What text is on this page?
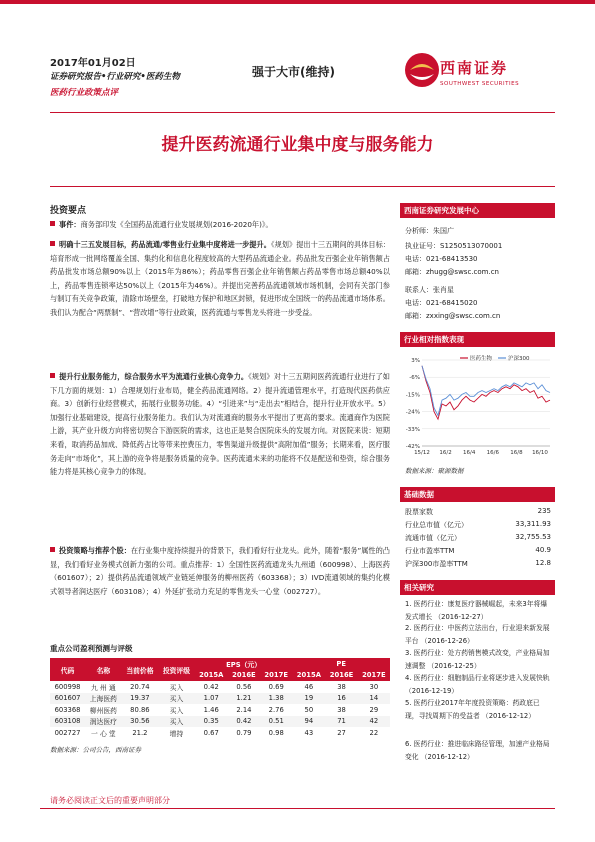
2017年01月02日
证券研究报告•行业研究•医药生物
医药行业政策点评
强于大市(维持)	西南证券
SOUTHWEST SECURITIES
提升医药流通行业集中度与服务能力
投资要点
事件：商务部印发《全国药品流通行业发展规划(2016-2020年)》。
明确十三五发展目标，药品流通/零售业行业集中度将进一步提升。《规划》提出十三五期间的具体目标：培育形成一批网络覆盖全国、集约化和信息化程度较高的大型药品流通企业。药品批发百强企业年销售额占药品批发市场总额90%以上（2015年为86%）；药品零售百强企业年销售额占药品零售市场总额40%以上，药品零售连锁率达50%以上（2015年为46%）。并提出完善药品流通领域市场机制，会同有关部门参与制订有关竞争政策，清除市场壁垒，打破地方保护和地区封锁，促进形成全国统一的药品流通市场体系。我们认为配合“两票制”、“营改增”等行业政策，医药流通与零售龙头将进一步受益。
提升行业服务能力，综合服务水平为流通行业核心竞争力。《规划》对十三五期间医药流通行业进行了如下几方面的规划：1）合理规划行业布局，健全药品流通网络。2）提升流通管理水平，打造现代医药供应商。3）创新行业经营模式，拓展行业服务功能。4）“引进来”与“走出去”相结合，提升行业开放水平。5）加强行业基础建设，提高行业服务能力。我们认为对流通商的服务水平提出了更高的要求。流通商作为医院上游，其产业升级方向将密切契合下游医院的需求，这也正是契合医院床头的发展方向。对医院来说：短期来看，取消药品加成、降低药占比等带来控费压力，零售渠道升级提供“高附加值”服务；长期来看，医疗服务走向“市场化”，其上游的竞争将是服务质量的竞争。医药流通未来的功能将不仅是配送和垫资，综合服务能力将是其核心竞争力的体现。
投资策略与推荐个股：在行业集中度持续提升的背景下，我们看好行业龙头。此外，随着“服务”属性的凸显，我们看好业务模式创新力强的公司。重点推荐：1）全国性医药流通龙头九州通（600998）、上海医药（601607）；2）提供药品流通领域产业链延伸服务的柳州医药（603368）；3）IVD流通领域的集约化模式领导者润达医疗（603108）；4）外延扩张动力充足的零售龙头一心堂（002727）。
重点公司盈利预测与评级
代码	名称	当前价格	投资评级	EPS（元）			PE		
				2015A	2016E	2017E	2015A	2016E	2017E
600998	九 州 通	20.74	买入	0.42	0.56	0.69	46	38	30
601607	上海医药	19.37	买入	1.07	1.21	1.38	19	16	14
603368	柳州医药	80.86	买入	1.46	2.14	2.76	50	38	29
603108	润达医疗	30.56	买入	0.35	0.42	0.51	94	71	42
002727	一 心 堂	21.2	增持	0.67	0.79	0.98	43	27	22
数据来源：公司公告，西南证券
西南证券研究发展中心
分析师：朱国广
执业证号：S1250513070001
电话：021-68413530
邮箱：zhugg@swsc.com.cn
联系人：张肖星
电话：021-68415020
邮箱：zxxing@swsc.com.cn
行业相对指数表现
3%
-6%
-15%
-24%
-33%
-42%
15/12 16/2 16/4 16/6 16/8 16/10
医药生物	沪深300
数据来源：聚源数据
基础数据
股票家数	235
行业总市值（亿元）	33,311.93
流通市值（亿元）	32,755.53
行业市盈率TTM	40.9
沪深300市盈率TTM	12.8
相关研究
1. 医药行业：康复医疗器械崛起，未来3年将爆发式增长 （2016-12-27）
2. 医药行业：中医药立法出台，行业迎来新发展平台 （2016-12-26）
3. 医药行业：处方药销售模式改变，产业格局加速调整 （2016-12-25）
4. 医药行业：细胞制品行业将逐步进入发展快轨 （2016-12-19）
5. 医药行业2017年年度投资策略：药政底已现，寻找周期下的受益者 （2016-12-12）
6. 医药行业：推进临床路径管理，加速产业格局变化 （2016-12-12）
请务必阅读正文后的重要声明部分
